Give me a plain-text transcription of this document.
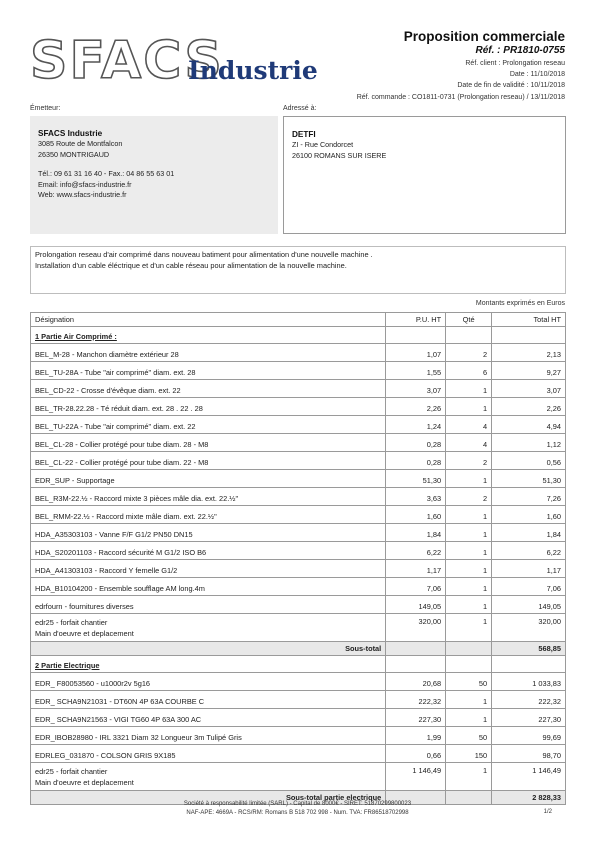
SFACS
Industrie
Proposition commerciale
Réf. : PR1810-0755
Réf. client : Prolongation reseau
Date : 11/10/2018
Date de fin de validité : 10/11/2018
Réf. commande : CO1811-0731 (Prolongation reseau) / 13/11/2018
Émetteur:	Adressé à:
SFACS Industrie
3085 Route de Montfalcon
26350 MONTRIGAUD
Tél.: 09 61 31 16 40 - Fax.: 04 86 55 63 01
Email: info@sfacs-industrie.fr
Web: www.sfacs-industrie.fr
DETFI
ZI - Rue Condorcet
26100 ROMANS SUR ISERE
Prolongation reseau d'air comprimé dans nouveau batiment pour alimentation d'une nouvelle machine .
Installation d'un cable éléctrique et d'un cable réseau pour alimentation de la nouvelle machine.
Montants exprimés en Euros
Désignation	P.U. HT	Qté	Total HT
1 Partie Air Comprimé :			
BEL_M-28 - Manchon diamètre extérieur 28	1,07	2	2,13
BEL_TU-28A - Tube "air comprimé" diam. ext. 28	1,55	6	9,27
BEL_CD-22 - Crosse d'évêque diam. ext. 22	3,07	1	3,07
BEL_TR-28.22.28 - Té réduit diam. ext. 28 . 22 . 28	2,26	1	2,26
BEL_TU-22A - Tube "air comprimé" diam. ext. 22	1,24	4	4,94
BEL_CL-28 - Collier protégé pour tube diam. 28 - M8	0,28	4	1,12
BEL_CL-22 - Collier protégé pour tube diam. 22 - M8	0,28	2	0,56
EDR_SUP - Supportage	51,30	1	51,30
BEL_R3M-22.½ - Raccord mixte 3 pièces mâle dia. ext. 22.½"	3,63	2	7,26
BEL_RMM-22.½ - Raccord mixte mâle diam. ext. 22.½"	1,60	1	1,60
HDA_A35303103 - Vanne F/F G1/2 PN50 DN15	1,84	1	1,84
HDA_S20201103 - Raccord sécurité M G1/2 ISO B6	6,22	1	6,22
HDA_A41303103 - Raccord Y femelle G1/2	1,17	1	1,17
HDA_B10104200 - Ensemble soufflage AM long.4m	7,06	1	7,06
edrfourn - fournitures diverses	149,05	1	149,05

edr25 - forfait chantier
Main d'oeuvre et deplacement	320,00	1	320,00
Sous-total			568,85
2 Partie Electrique			
EDR_ F80053560 - u1000r2v 5g16	20,68	50	1 033,83
EDR_ SCHA9N21031 - DT60N 4P 63A COURBE C	222,32	1	222,32
EDR_ SCHA9N21563 - VIGI TG60 4P 63A 300 AC	227,30	1	227,30
EDR_IBOB28980 - IRL 3321 Diam 32 Longueur 3m Tulipé Gris	1,99	50	99,69
EDRLEG_031870 - COLSON GRIS 9X185	0,66	150	98,70

edr25 - forfait chantier
Main d'oeuvre et deplacement	1 146,49	1	1 146,49
Sous-total partie electrique			2 828,33
Société à responsabilité limitée (SARL) - Capital de 8000€ - SIRET: 51870299800023
NAF-APE: 4669A - RCS/RM: Romans B 518 702 998 - Num. TVA: FR86518702998	1/2
